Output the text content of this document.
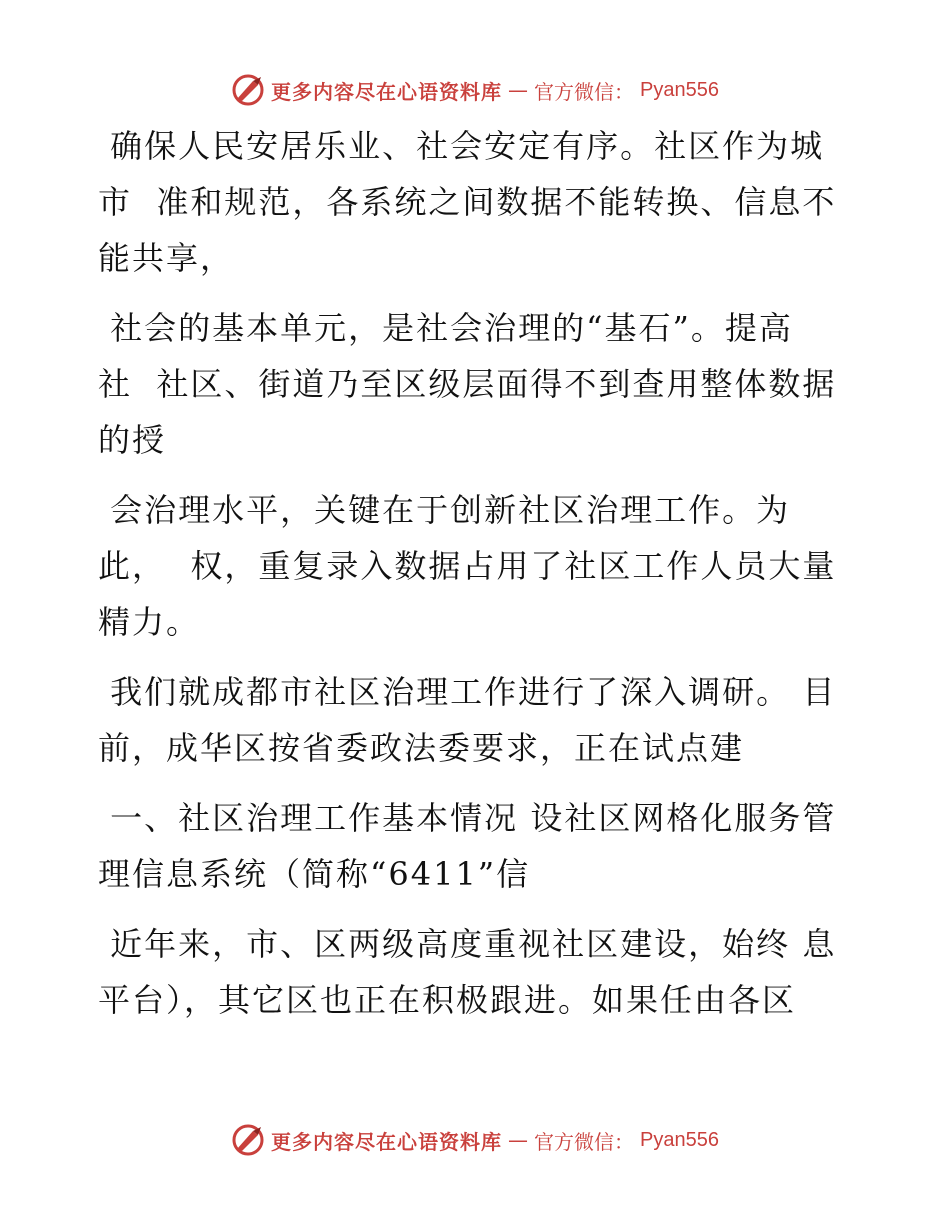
更多内容尽在心语资料库 — 官方微信： Pyan556
确保人民安居乐业、社会安定有序。社区作为城
市  准和规范，各系统之间数据不能转换、信息不
能共享，
社会的基本单元，是社会治理的“基石”。提高
社  社区、街道乃至区级层面得不到查用整体数据
的授
会治理水平，关键在于创新社区治理工作。为
此，  权，重复录入数据占用了社区工作人员大量
精力。
我们就成都市社区治理工作进行了深入调研。 目
前，成华区按省委政法委要求，正在试点建
一、社区治理工作基本情况 设社区网格化服务管
理信息系统（简称“6411”信
近年来，市、区两级高度重视社区建设，始终 息
平台），其它区也正在积极跟进。如果任由各区
更多内容尽在心语资料库 — 官方微信： Pyan556
